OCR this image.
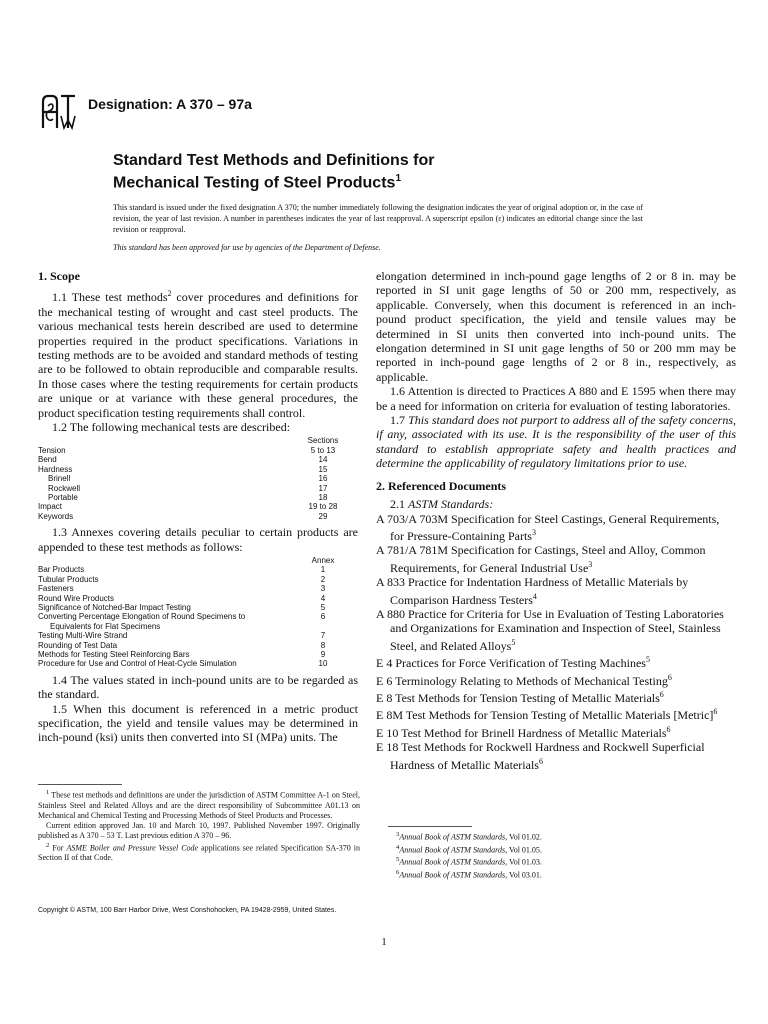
Designation: A 370 – 97a
Standard Test Methods and Definitions for
Mechanical Testing of Steel Products$^1$
This standard is issued under the fixed designation A 370; the number immediately following the designation indicates the year of original adoption or, in the case of revision, the year of last revision. A number in parentheses indicates the year of last reapproval. A superscript epsilon (ε) indicates an editorial change since the last revision or reapproval.
This standard has been approved for use by agencies of the Department of Defense.

1. Scope

1.1 These test methods$^2$ cover procedures and definitions for the mechanical testing of wrought and cast steel products. The various mechanical tests herein described are used to determine properties required in the product specifications. Variations in testing methods are to be avoided and standard methods of testing are to be followed to obtain reproducible and comparable results. In those cases where the testing requirements for certain products are unique or at variance with these general procedures, the product specification testing requirements shall control.

1.2 The following mechanical tests are described:

	Sections
Tension	5 to 13
Bend	14
Hardness	15
Brinell	16
Rockwell	17
Portable	18
Impact	19 to 28
Keywords	29

1.3 Annexes covering details peculiar to certain products are appended to these test methods as follows:

	Annex
Bar Products	1
Tubular Products	2
Fasteners	3
Round Wire Products	4
Significance of Notched-Bar Impact Testing	5
Converting Percentage Elongation of Round Specimens to	6
Equivalents for Flat Specimens	
Testing Multi-Wire Strand	7
Rounding of Test Data	8
Methods for Testing Steel Reinforcing Bars	9
Procedure for Use and Control of Heat-Cycle Simulation	10

1.4 The values stated in inch-pound units are to be regarded as the standard.

1.5 When this document is referenced in a metric product specification, the yield and tensile values may be determined in inch-pound (ksi) units then converted into SI (MPa) units. The

elongation determined in inch-pound gage lengths of 2 or 8 in. may be reported in SI unit gage lengths of 50 or 200 mm, respectively, as applicable. Conversely, when this document is referenced in an inch-pound product specification, the yield and tensile values may be determined in SI units then converted into inch-pound units. The elongation determined in SI unit gage lengths of 50 or 200 mm may be reported in inch-pound gage lengths of 2 or 8 in., respectively, as applicable.

1.6 Attention is directed to Practices A 880 and E 1595 when there may be a need for information on criteria for evaluation of testing laboratories.

1.7 This standard does not purport to address all of the safety concerns, if any, associated with its use. It is the responsibility of the user of this standard to establish appropriate safety and health practices and determine the applicability of regulatory limitations prior to use.

2. Referenced Documents

2.1 ASTM Standards:

A 703/A 703M Specification for Steel Castings, General Requirements, for Pressure-Containing Parts$^3$

A 781/A 781M Specification for Castings, Steel and Alloy, Common Requirements, for General Industrial Use$^3$

A 833 Practice for Indentation Hardness of Metallic Materials by Comparison Hardness Testers$^4$

A 880 Practice for Criteria for Use in Evaluation of Testing Laboratories and Organizations for Examination and Inspection of Steel, Stainless Steel, and Related Alloys$^5$

E 4 Practices for Force Verification of Testing Machines$^5$

E 6 Terminology Relating to Methods of Mechanical Testing$^6$

E 8 Test Methods for Tension Testing of Metallic Materials$^6$

E 8M Test Methods for Tension Testing of Metallic Materials [Metric]$^6$

E 10 Test Method for Brinell Hardness of Metallic Materials$^6$

E 18 Test Methods for Rockwell Hardness and Rockwell Superficial Hardness of Metallic Materials$^6$

$^1$ These test methods and definitions are under the jurisdiction of ASTM Committee A-1 on Steel, Stainless Steel and Related Alloys and are the direct responsibility of Subcommittee A01.13 on Mechanical and Chemical Testing and Processing Methods of Steel Products and Processes.

Current edition approved Jan. 10 and March 10, 1997. Published November 1997. Originally published as A 370 – 53 T. Last previous edition A 370 – 96.

$^2$ For ASME Boiler and Pressure Vessel Code applications see related Specification SA-370 in Section II of that Code.

$^3$Annual Book of ASTM Standards, Vol 01.02.

$^4$Annual Book of ASTM Standards, Vol 01.05.

$^5$Annual Book of ASTM Standards, Vol 01.03.

$^6$Annual Book of ASTM Standards, Vol 03.01.

Copyright © ASTM, 100 Barr Harbor Drive, West Conshohocken, PA 19428-2959, United States.
1
